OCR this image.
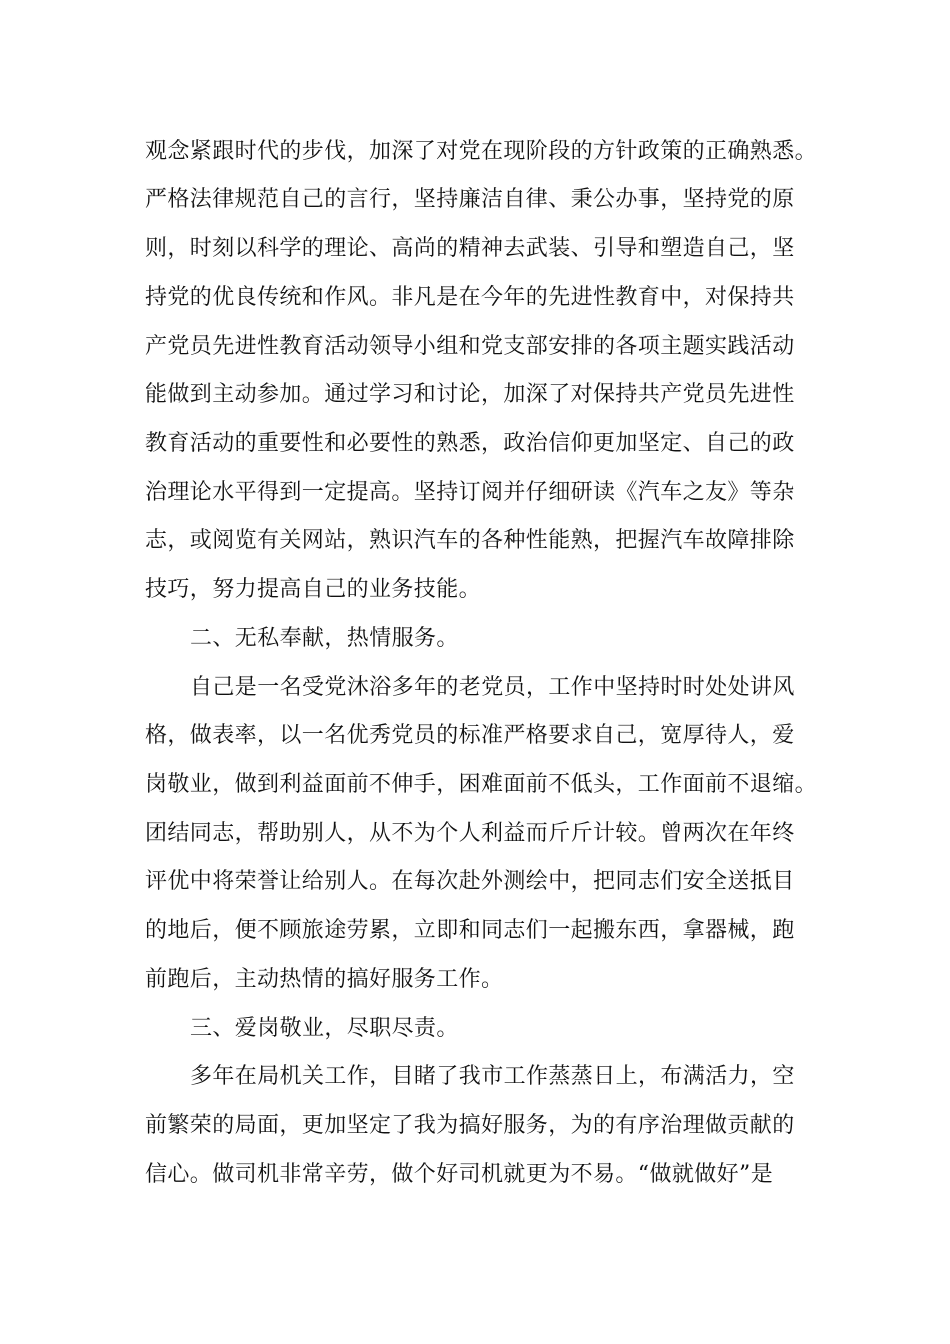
观念紧跟时代的步伐，加深了对党在现阶段的方针政策的正确熟悉。
严格法律规范自己的言行，坚持廉洁自律、秉公办事，坚持党的原
则，时刻以科学的理论、高尚的精神去武装、引导和塑造自己，坚
持党的优良传统和作风。非凡是在今年的先进性教育中，对保持共
产党员先进性教育活动领导小组和党支部安排的各项主题实践活动
能做到主动参加。通过学习和讨论，加深了对保持共产党员先进性
教育活动的重要性和必要性的熟悉，政治信仰更加坚定、自己的政
治理论水平得到一定提高。坚持订阅并仔细研读《汽车之友》等杂
志，或阅览有关网站，熟识汽车的各种性能熟，把握汽车故障排除
技巧，努力提高自己的业务技能。
二、无私奉献，热情服务。
自己是一名受党沐浴多年的老党员，工作中坚持时时处处讲风
格，做表率，以一名优秀党员的标准严格要求自己，宽厚待人，爱
岗敬业，做到利益面前不伸手，困难面前不低头，工作面前不退缩。
团结同志，帮助别人，从不为个人利益而斤斤计较。曾两次在年终
评优中将荣誉让给别人。在每次赴外测绘中，把同志们安全送抵目
的地后，便不顾旅途劳累，立即和同志们一起搬东西，拿器械，跑
前跑后，主动热情的搞好服务工作。
三、爱岗敬业，尽职尽责。
多年在局机关工作，目睹了我市工作蒸蒸日上，布满活力，空
前繁荣的局面，更加坚定了我为搞好服务，为的有序治理做贡献的
信心。做司机非常辛劳，做个好司机就更为不易。“做就做好”是
